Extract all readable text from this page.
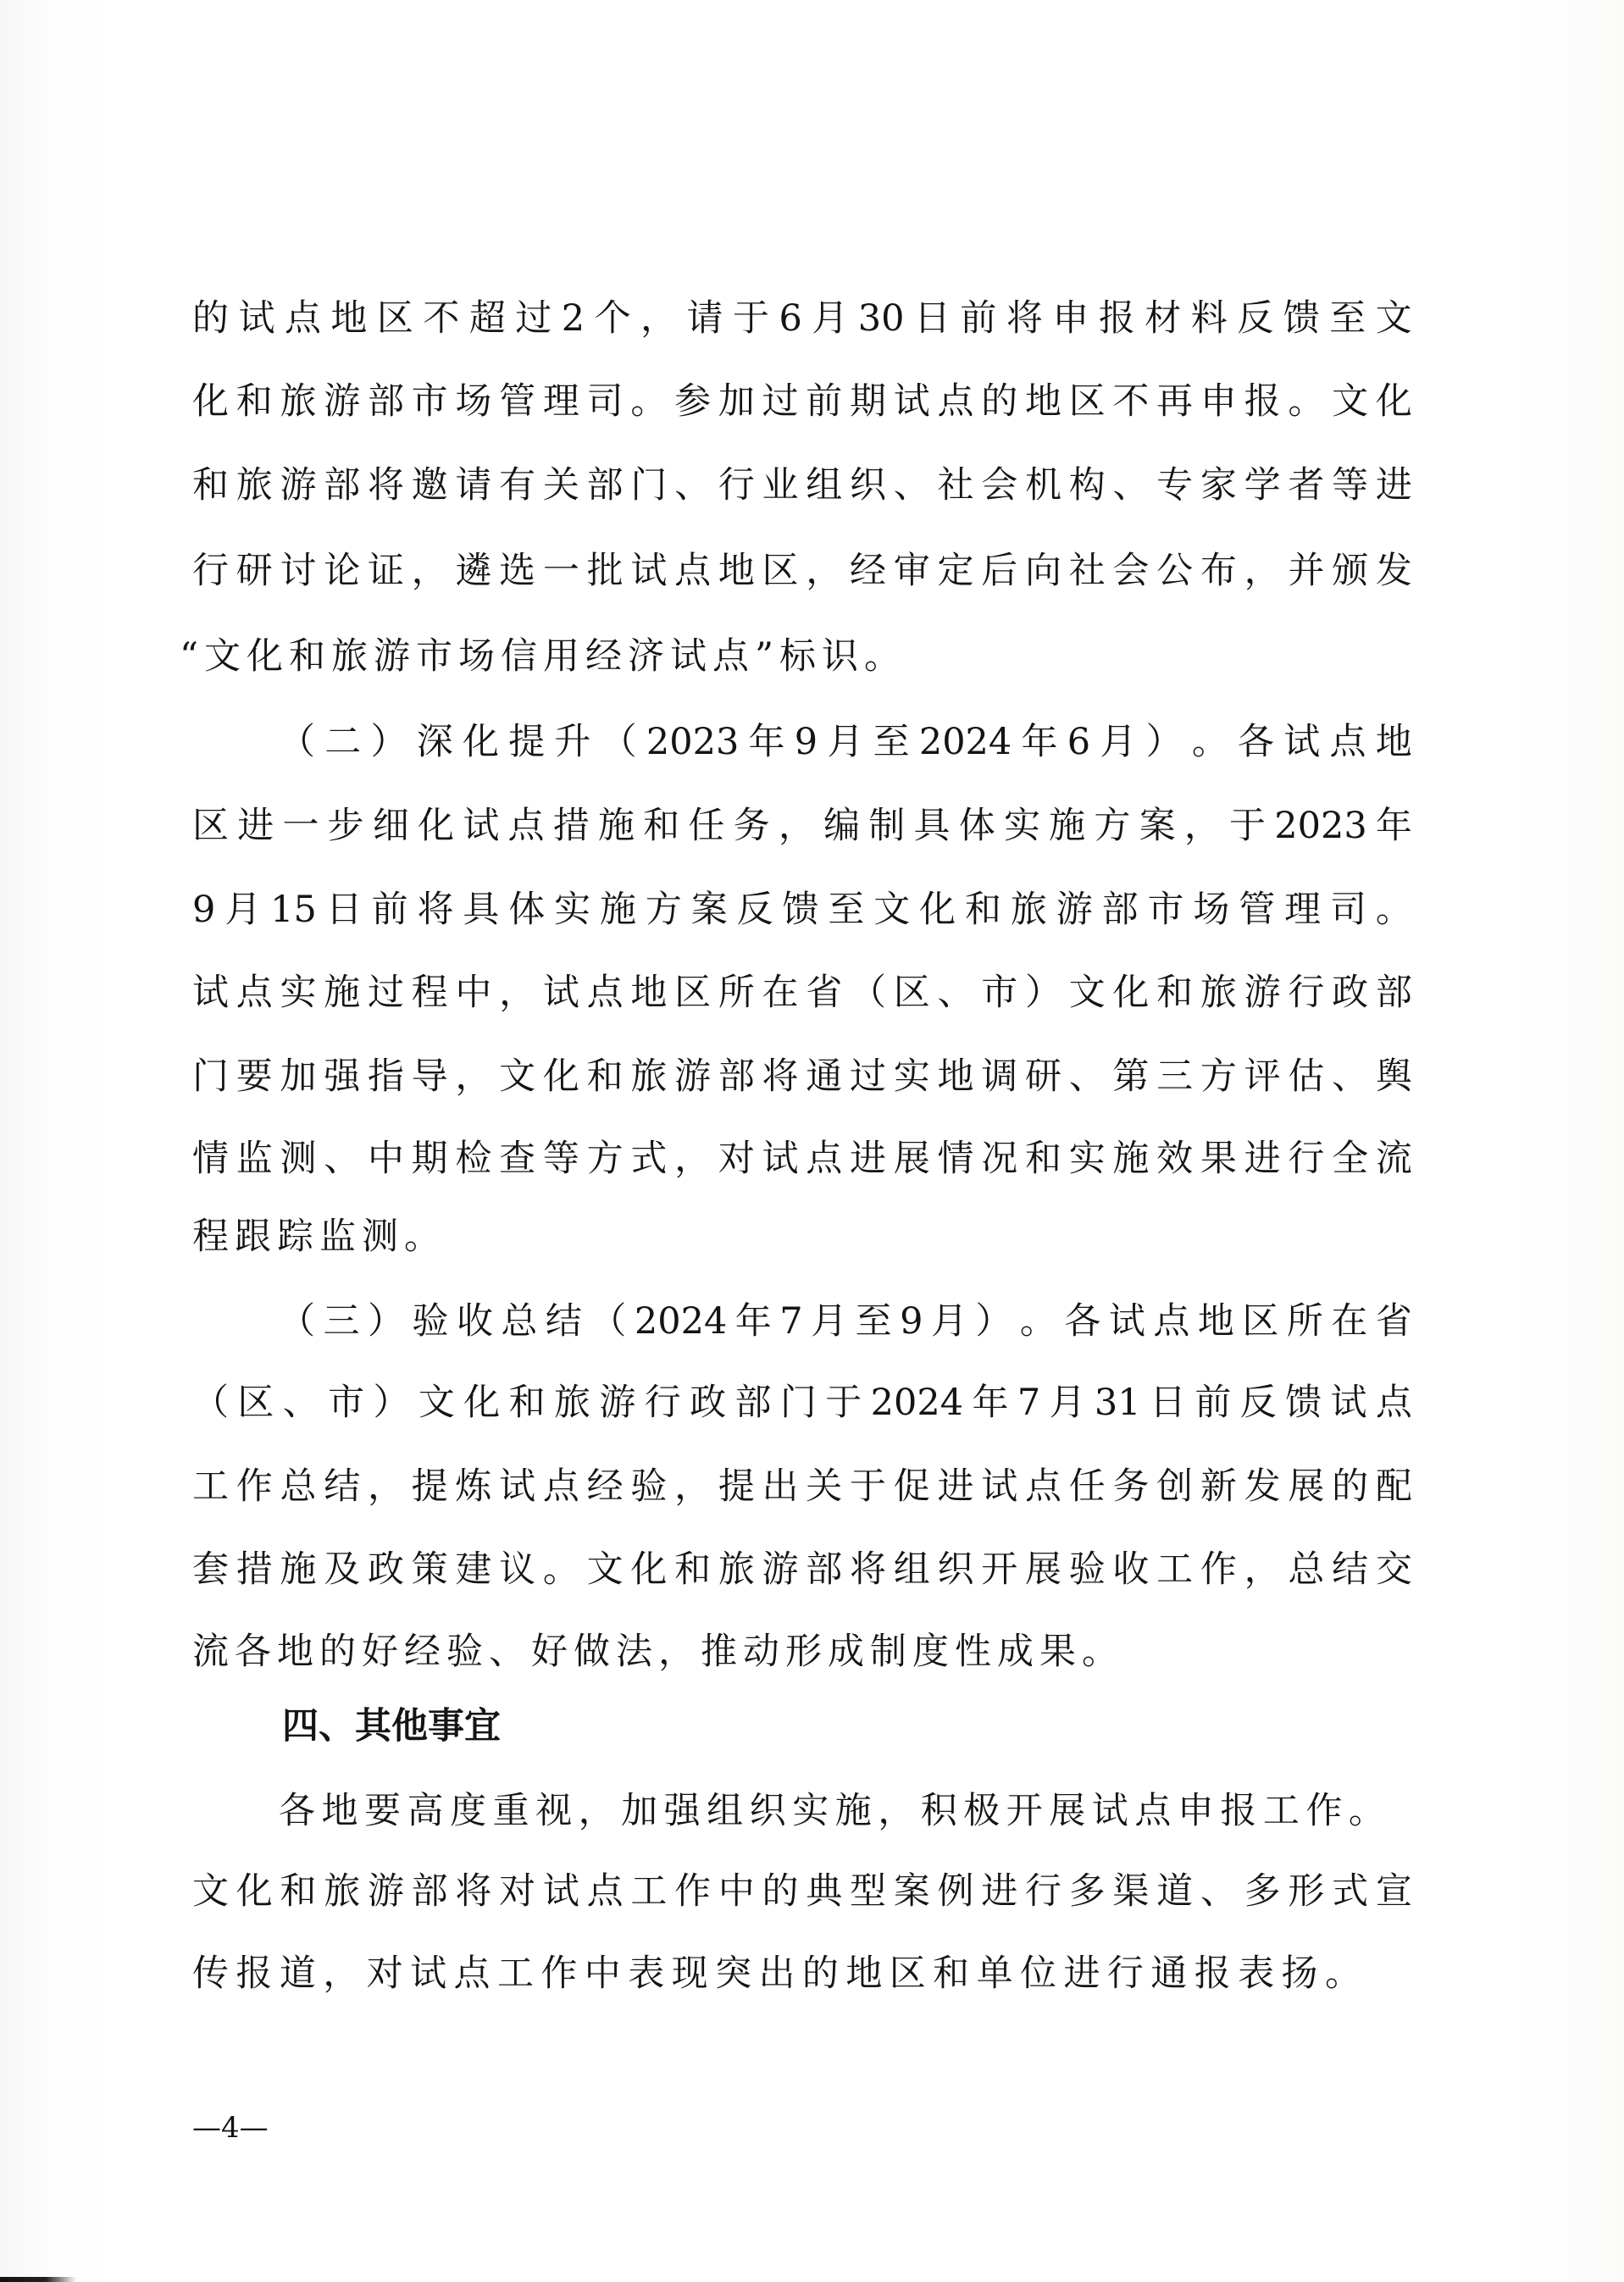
的 试 点 地 区 不 超 过 2 个 ， 请 于 6 月 30 日 前 将 申 报 材 料 反 馈 至 文
化 和 旅 游 部 市 场 管 理 司 。 参 加 过 前 期 试 点 的 地 区 不 再 申 报 。 文 化
和 旅 游 部 将 邀 请 有 关 部 门 、 行 业 组 织 、 社 会 机 构 、 专 家 学 者 等 进
行 研 讨 论 证 ， 遴 选 一 批 试 点 地 区 ， 经 审 定 后 向 社 会 公 布 ， 并 颁 发
“文化和旅游市场信用经济试点”标识。
（ 二 ） 深 化 提 升 （ 2023 年 9 月 至 2024 年 6 月 ） 。 各 试 点 地
区 进 一 步 细 化 试 点 措 施 和 任 务 ， 编 制 具 体 实 施 方 案 ， 于 2023 年
9 月 15 日 前 将 具 体 实 施 方 案 反 馈 至 文 化 和 旅 游 部 市 场 管 理 司 。
试 点 实 施 过 程 中 ， 试 点 地 区 所 在 省 （ 区 、 市 ） 文 化 和 旅 游 行 政 部
门 要 加 强 指 导 ， 文 化 和 旅 游 部 将 通 过 实 地 调 研 、 第 三 方 评 估 、 舆
情 监 测 、 中 期 检 查 等 方 式 ， 对 试 点 进 展 情 况 和 实 施 效 果 进 行 全 流
程跟踪监测。
（ 三 ） 验 收 总 结 （ 2024 年 7 月 至 9 月 ） 。 各 试 点 地 区 所 在 省
（ 区 、 市 ） 文 化 和 旅 游 行 政 部 门 于 2024 年 7 月 31 日 前 反 馈 试 点
工 作 总 结 ， 提 炼 试 点 经 验 ， 提 出 关 于 促 进 试 点 任 务 创 新 发 展 的 配
套 措 施 及 政 策 建 议 。 文 化 和 旅 游 部 将 组 织 开 展 验 收 工 作 ， 总 结 交
流各地的好经验、好做法，推动形成制度性成果。
四、其他事宜
各 地 要 高 度 重 视 ， 加 强 组 织 实 施 ， 积 极 开 展 试 点 申 报 工 作 。
文 化 和 旅 游 部 将 对 试 点 工 作 中 的 典 型 案 例 进 行 多 渠 道 、 多 形 式 宣
传 报 道 ， 对 试 点 工 作 中 表 现 突 出 的 地 区 和 单 位 进 行 通 报 表 扬 。
—4—
